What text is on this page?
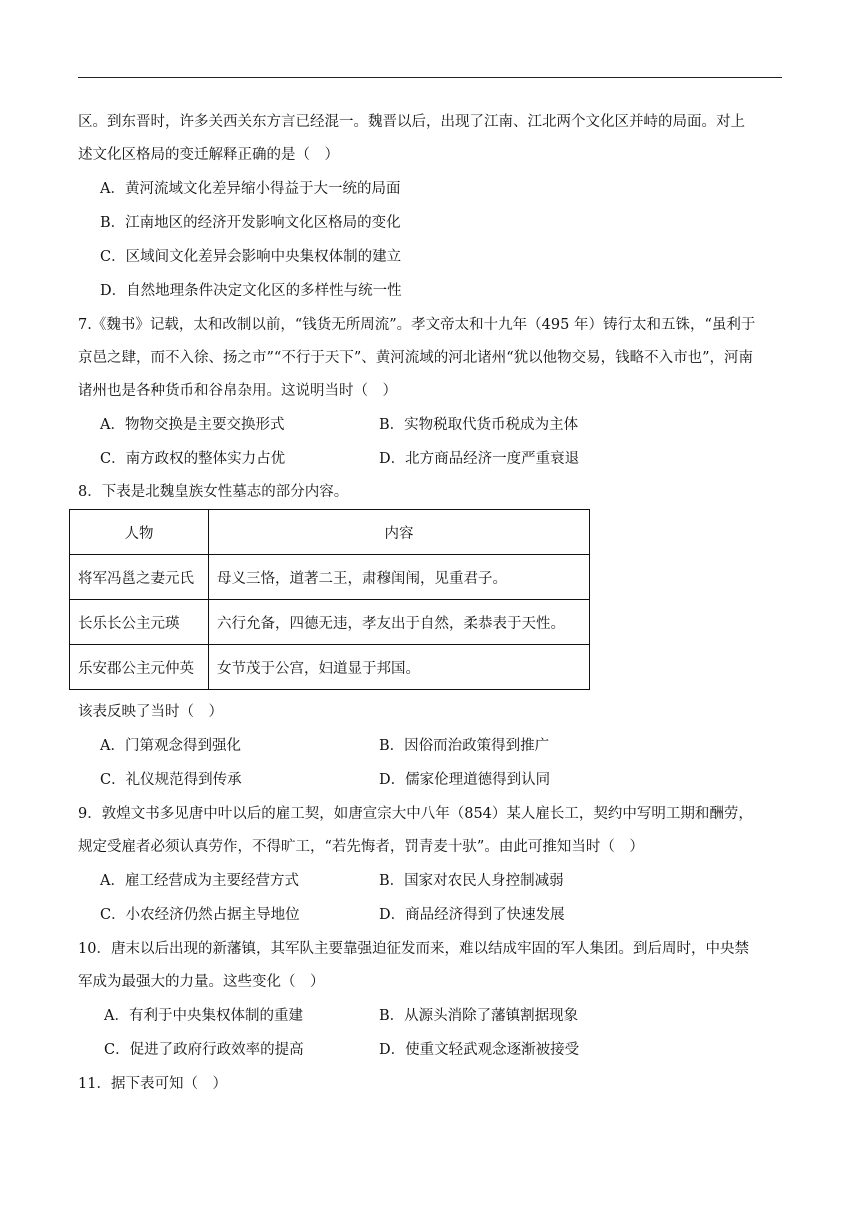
区。到东晋时，许多关西关东方言已经混一。魏晋以后，出现了江南、江北两个文化区并峙的局面。对上
述文化区格局的变迁解释正确的是（　）
A．黄河流域文化差异缩小得益于大一统的局面
B．江南地区的经济开发影响文化区格局的变化
C．区域间文化差异会影响中央集权体制的建立
D．自然地理条件决定文化区的多样性与统一性
7.《魏书》记载，太和改制以前，“钱货无所周流”。孝文帝太和十九年（495 年）铸行太和五铢，“虽利于
京邑之肆，而不入徐、扬之市”“不行于天下”、黄河流域的河北诸州“犹以他物交易，钱略不入市也”，河南
诸州也是各种货币和谷帛杂用。这说明当时（　）
A．物物交换是主要交换形式	B．实物税取代货币税成为主体
C．南方政权的整体实力占优	D．北方商品经济一度严重衰退
8．下表是北魏皇族女性墓志的部分内容。
人物	内容
将军冯邕之妻元氏	母义三恪，道著二王，肃穆闺闱，见重君子。
长乐长公主元瑛	六行允备，四德无违，孝友出于自然，柔恭表于天性。
乐安郡公主元仲英	女节茂于公宫，妇道显于邦国。
该表反映了当时（　）
A．门第观念得到强化	B．因俗而治政策得到推广
C．礼仪规范得到传承	D．儒家伦理道德得到认同
9．敦煌文书多见唐中叶以后的雇工契，如唐宣宗大中八年（854）某人雇长工，契约中写明工期和酬劳，
规定受雇者必须认真劳作，不得旷工，“若先悔者，罚青麦十驮”。由此可推知当时（　）
A．雇工经营成为主要经营方式	B．国家对农民人身控制减弱
C．小农经济仍然占据主导地位	D．商品经济得到了快速发展
10．唐末以后出现的新藩镇，其军队主要靠强迫征发而来，难以结成牢固的军人集团。到后周时，中央禁
军成为最强大的力量。这些变化（　）
A．有利于中央集权体制的重建	B．从源头消除了藩镇割据现象
C．促进了政府行政效率的提高	D．使重文轻武观念逐渐被接受
11．据下表可知（　）
